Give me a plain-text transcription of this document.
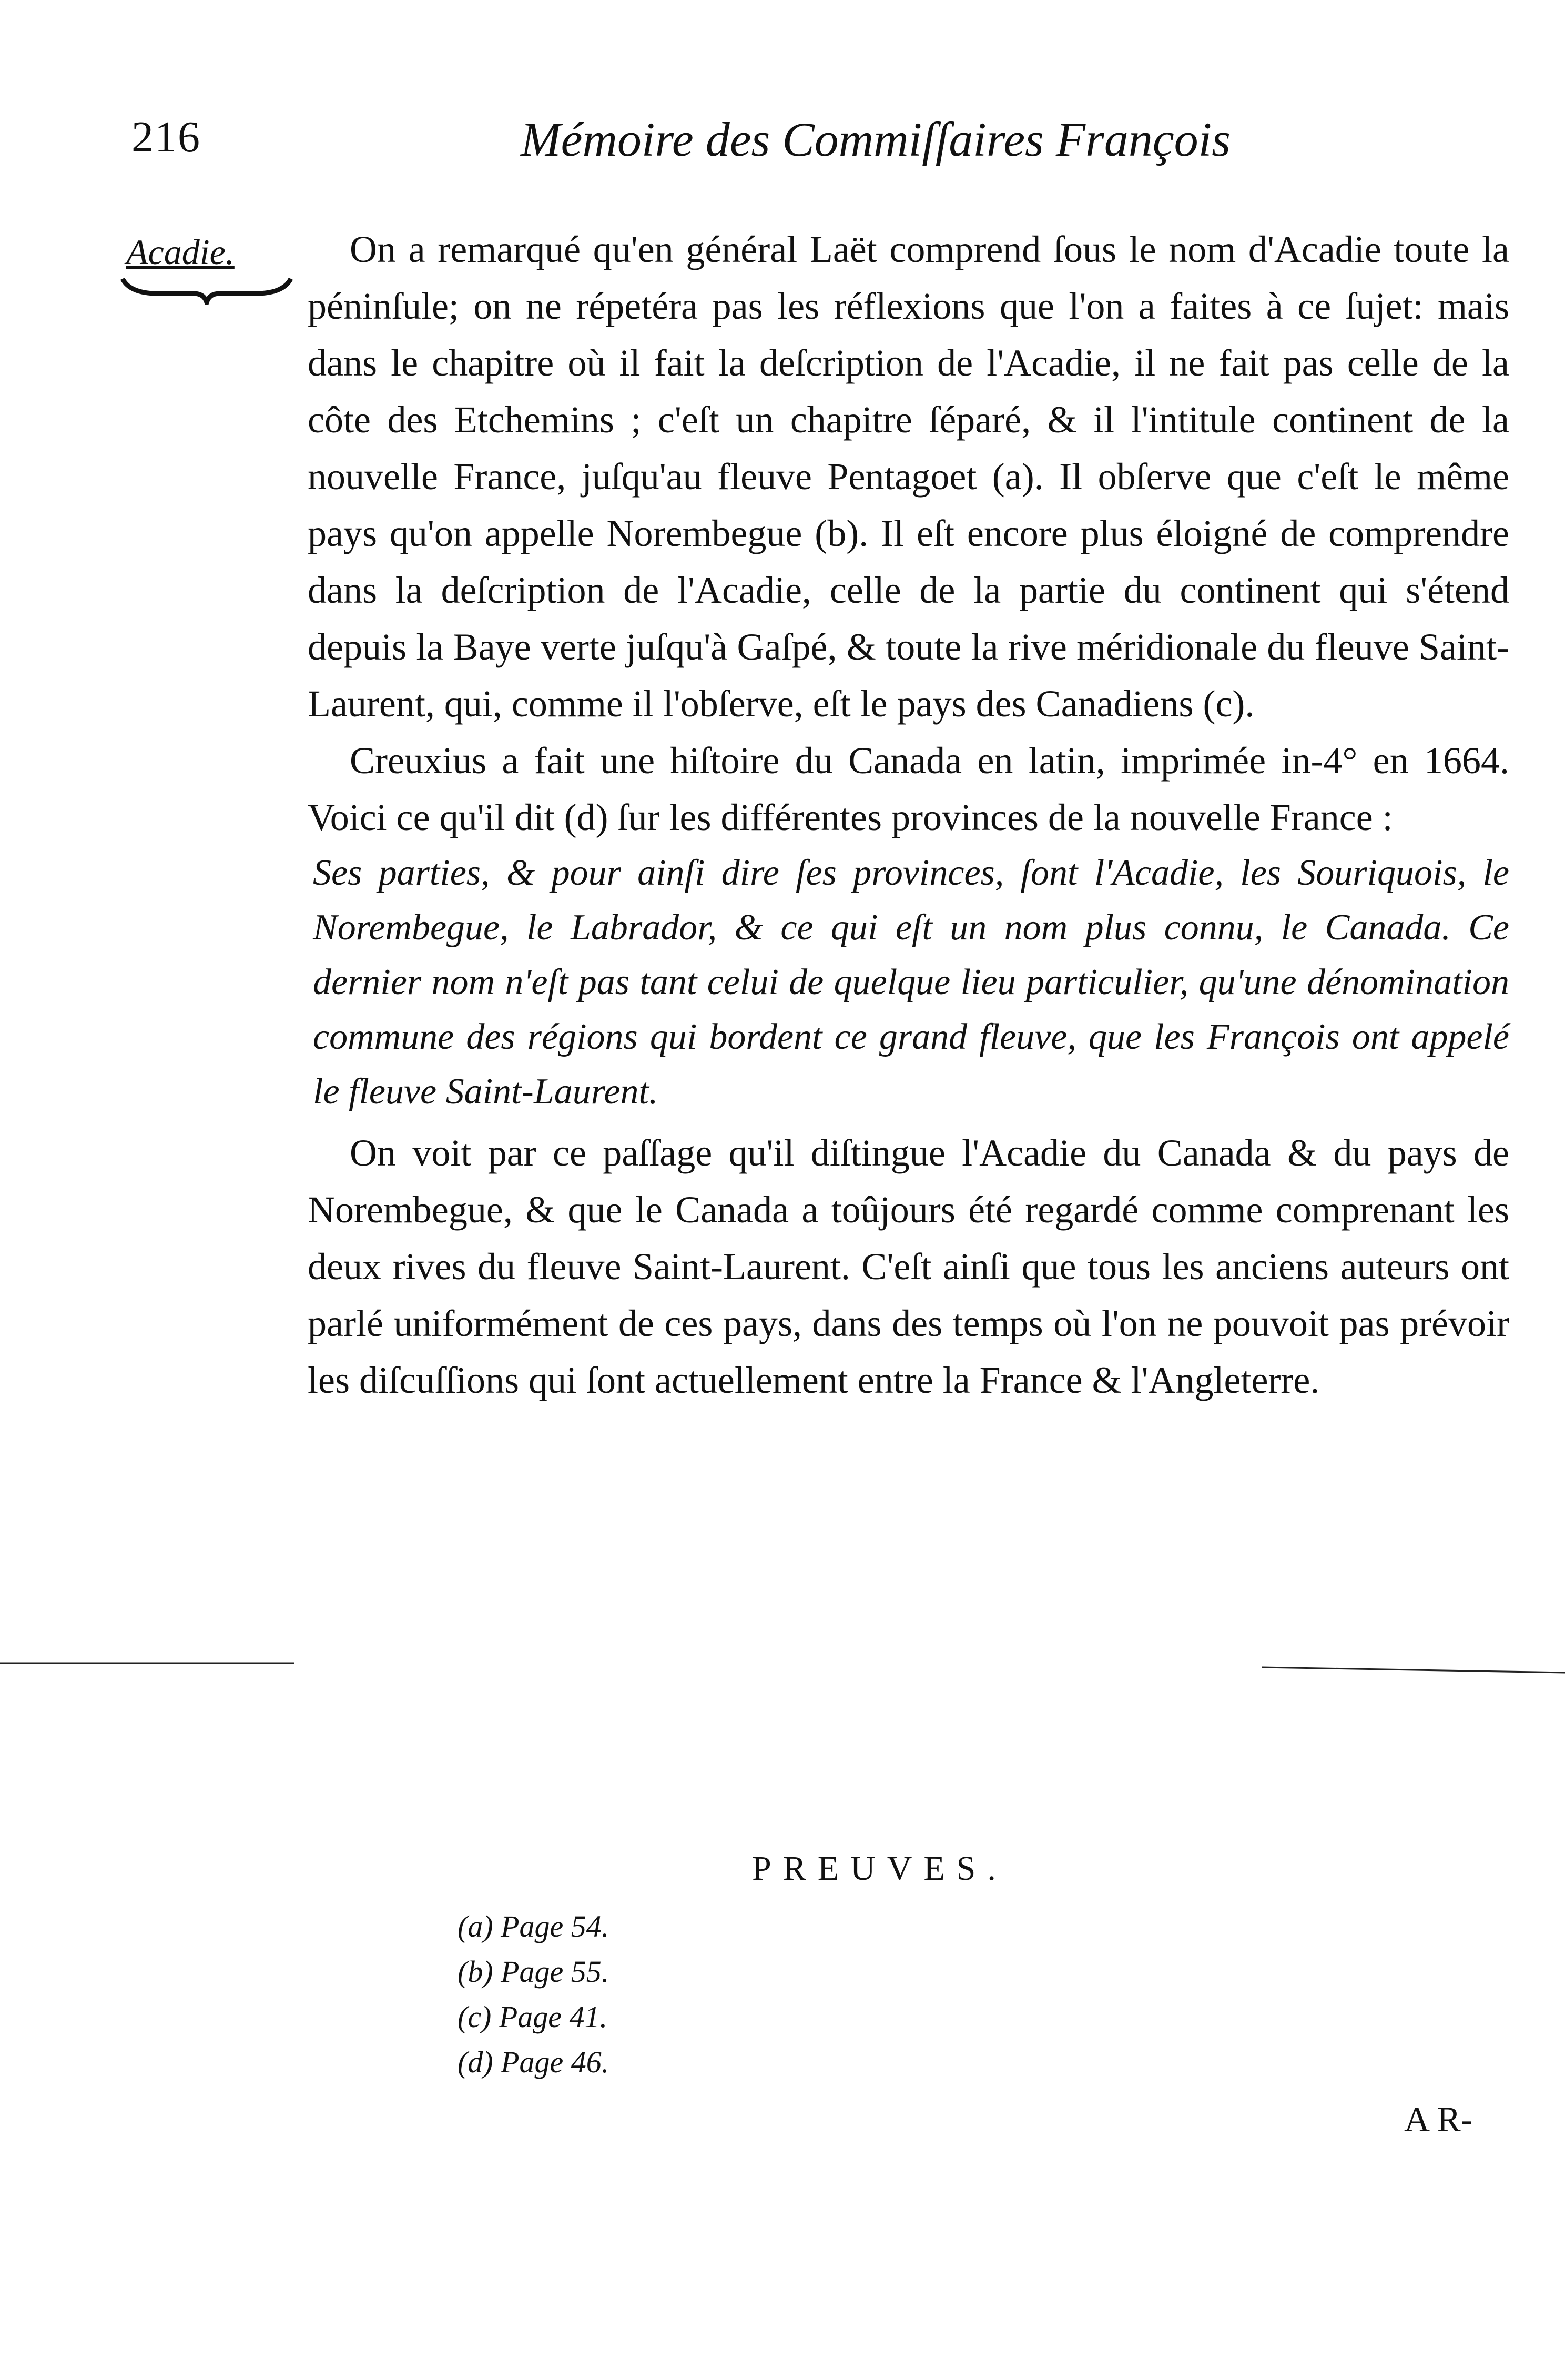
216	Mémoire des Commiſſaires François
Acadie.	On a remarqué qu'en général Laët comprend ſous le nom d'Acadie toute la péninſule; on ne répetéra pas les réflexions que l'on a faites à ce ſujet: mais dans le chapitre où il fait la deſcription de l'Acadie, il ne fait pas celle de la côte des Etchemins ; c'eſt un chapitre ſéparé, & il l'intitule continent de la nouvelle France, juſqu'au fleuve Pentagoet (a). Il obſerve que c'eſt le même pays qu'on appelle Norembegue (b). Il eſt encore plus éloigné de comprendre dans la deſcription de l'Acadie, celle de la partie du continent qui s'étend depuis la Baye verte juſqu'à Gaſpé, & toute la rive méridionale du fleuve Saint-Laurent, qui, comme il l'obſerve, eſt le pays des Canadiens (c).

Creuxius a fait une hiſtoire du Canada en latin, imprimée in-4° en 1664. Voici ce qu'il dit (d) ſur les différentes provinces de la nouvelle France :

Ses parties, & pour ainſi dire ſes provinces, ſont l'Acadie, les Souriquois, le Norembegue, le Labrador, & ce qui eſt un nom plus connu, le Canada. Ce dernier nom n'eſt pas tant celui de quelque lieu particulier, qu'une dénomination commune des régions qui bordent ce grand fleuve, que les François ont appelé le fleuve Saint-Laurent.

On voit par ce paſſage qu'il diſtingue l'Acadie du Canada & du pays de Norembegue, & que le Canada a toûjours été regardé comme comprenant les deux rives du fleuve Saint-Laurent. C'eſt ainſi que tous les anciens auteurs ont parlé uniformément de ces pays, dans des temps où l'on ne pouvoit pas prévoir les diſcuſſions qui ſont actuellement entre la France & l'Angleterre.

PREUVES.
(a) Page 54.
(b) Page 55.
(c) Page 41.
(d) Page 46.
A R-
